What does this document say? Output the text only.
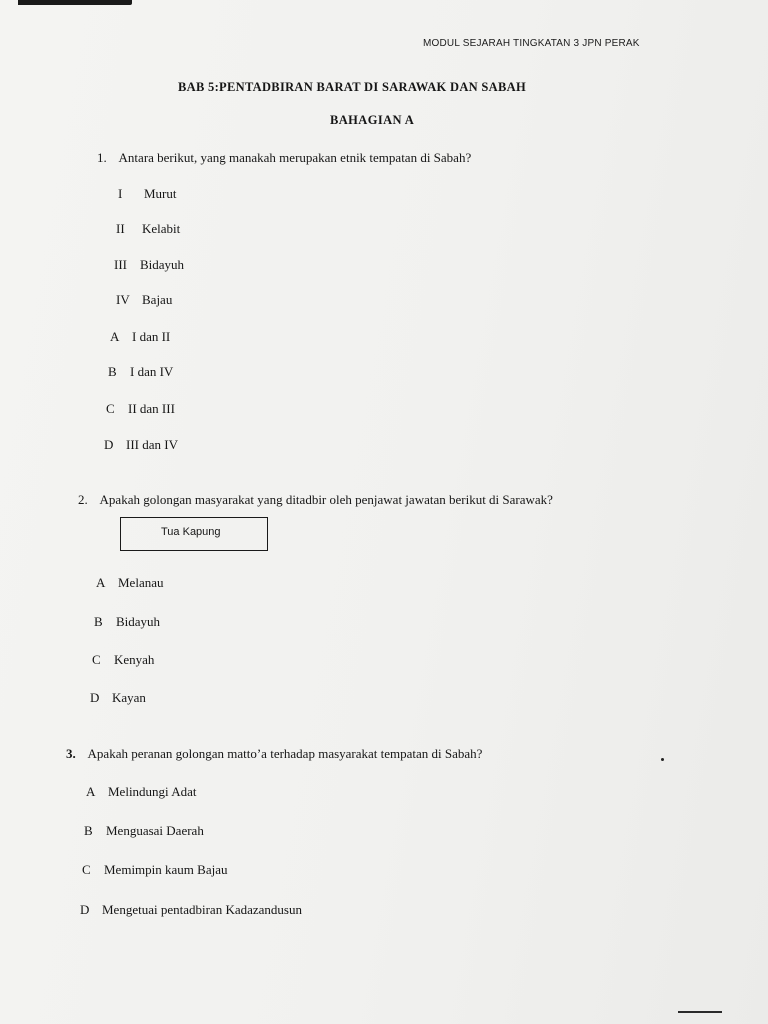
MODUL SEJARAH TINGKATAN 3 JPN PERAK
BAB 5:PENTADBIRAN BARAT DI SARAWAK DAN SABAH
BAHAGIAN A
1. Antara berikut, yang manakah merupakan etnik tempatan di Sabah?
I Murut
II Kelabit
III Bidayuh
IV Bajau
A I dan II
B I dan IV
C II dan III
D III dan IV
2. Apakah golongan masyarakat yang ditadbir oleh penjawat jawatan berikut di Sarawak?
Tua Kapung
A Melanau
B Bidayuh
C Kenyah
D Kayan
3. Apakah peranan golongan matto’a terhadap masyarakat tempatan di Sabah?
A Melindungi Adat
B Menguasai Daerah
C Memimpin kaum Bajau
D Mengetuai pentadbiran Kadazandusun
